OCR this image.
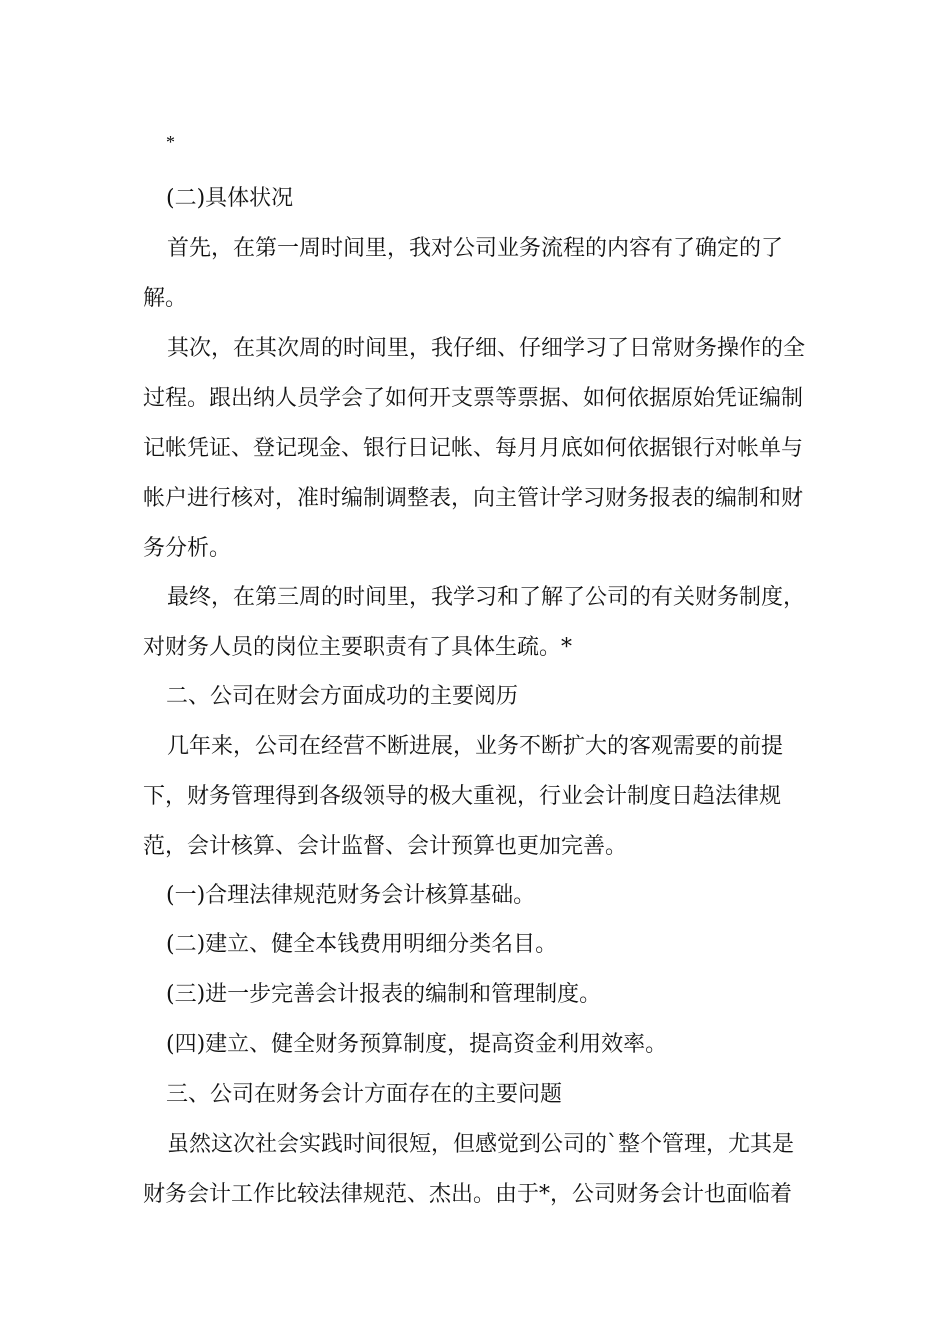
*
(二)具体状况

首先，在第一周时间里，我对公司业务流程的内容有了确定的了解。

其次，在其次周的时间里，我仔细、仔细学习了日常财务操作的全过程。跟出纳人员学会了如何开支票等票据、如何依据原始凭证编制记帐凭证、登记现金、银行日记帐、每月月底如何依据银行对帐单与帐户进行核对，准时编制调整表，向主管计学习财务报表的编制和财务分析。

最终，在第三周的时间里，我学习和了解了公司的有关财务制度，对财务人员的岗位主要职责有了具体生疏。*

二、公司在财会方面成功的主要阅历

几年来，公司在经营不断进展，业务不断扩大的客观需要的前提下，财务管理得到各级领导的极大重视，行业会计制度日趋法律规范，会计核算、会计监督、会计预算也更加完善。

(一)合理法律规范财务会计核算基础。
(二)建立、健全本钱费用明细分类名目。
(三)进一步完善会计报表的编制和管理制度。
(四)建立、健全财务预算制度，提高资金利用效率。
三、公司在财务会计方面存在的主要问题

虽然这次社会实践时间很短，但感觉到公司的`整个管理，尤其是财务会计工作比较法律规范、杰出。由于*，公司财务会计也面临着
